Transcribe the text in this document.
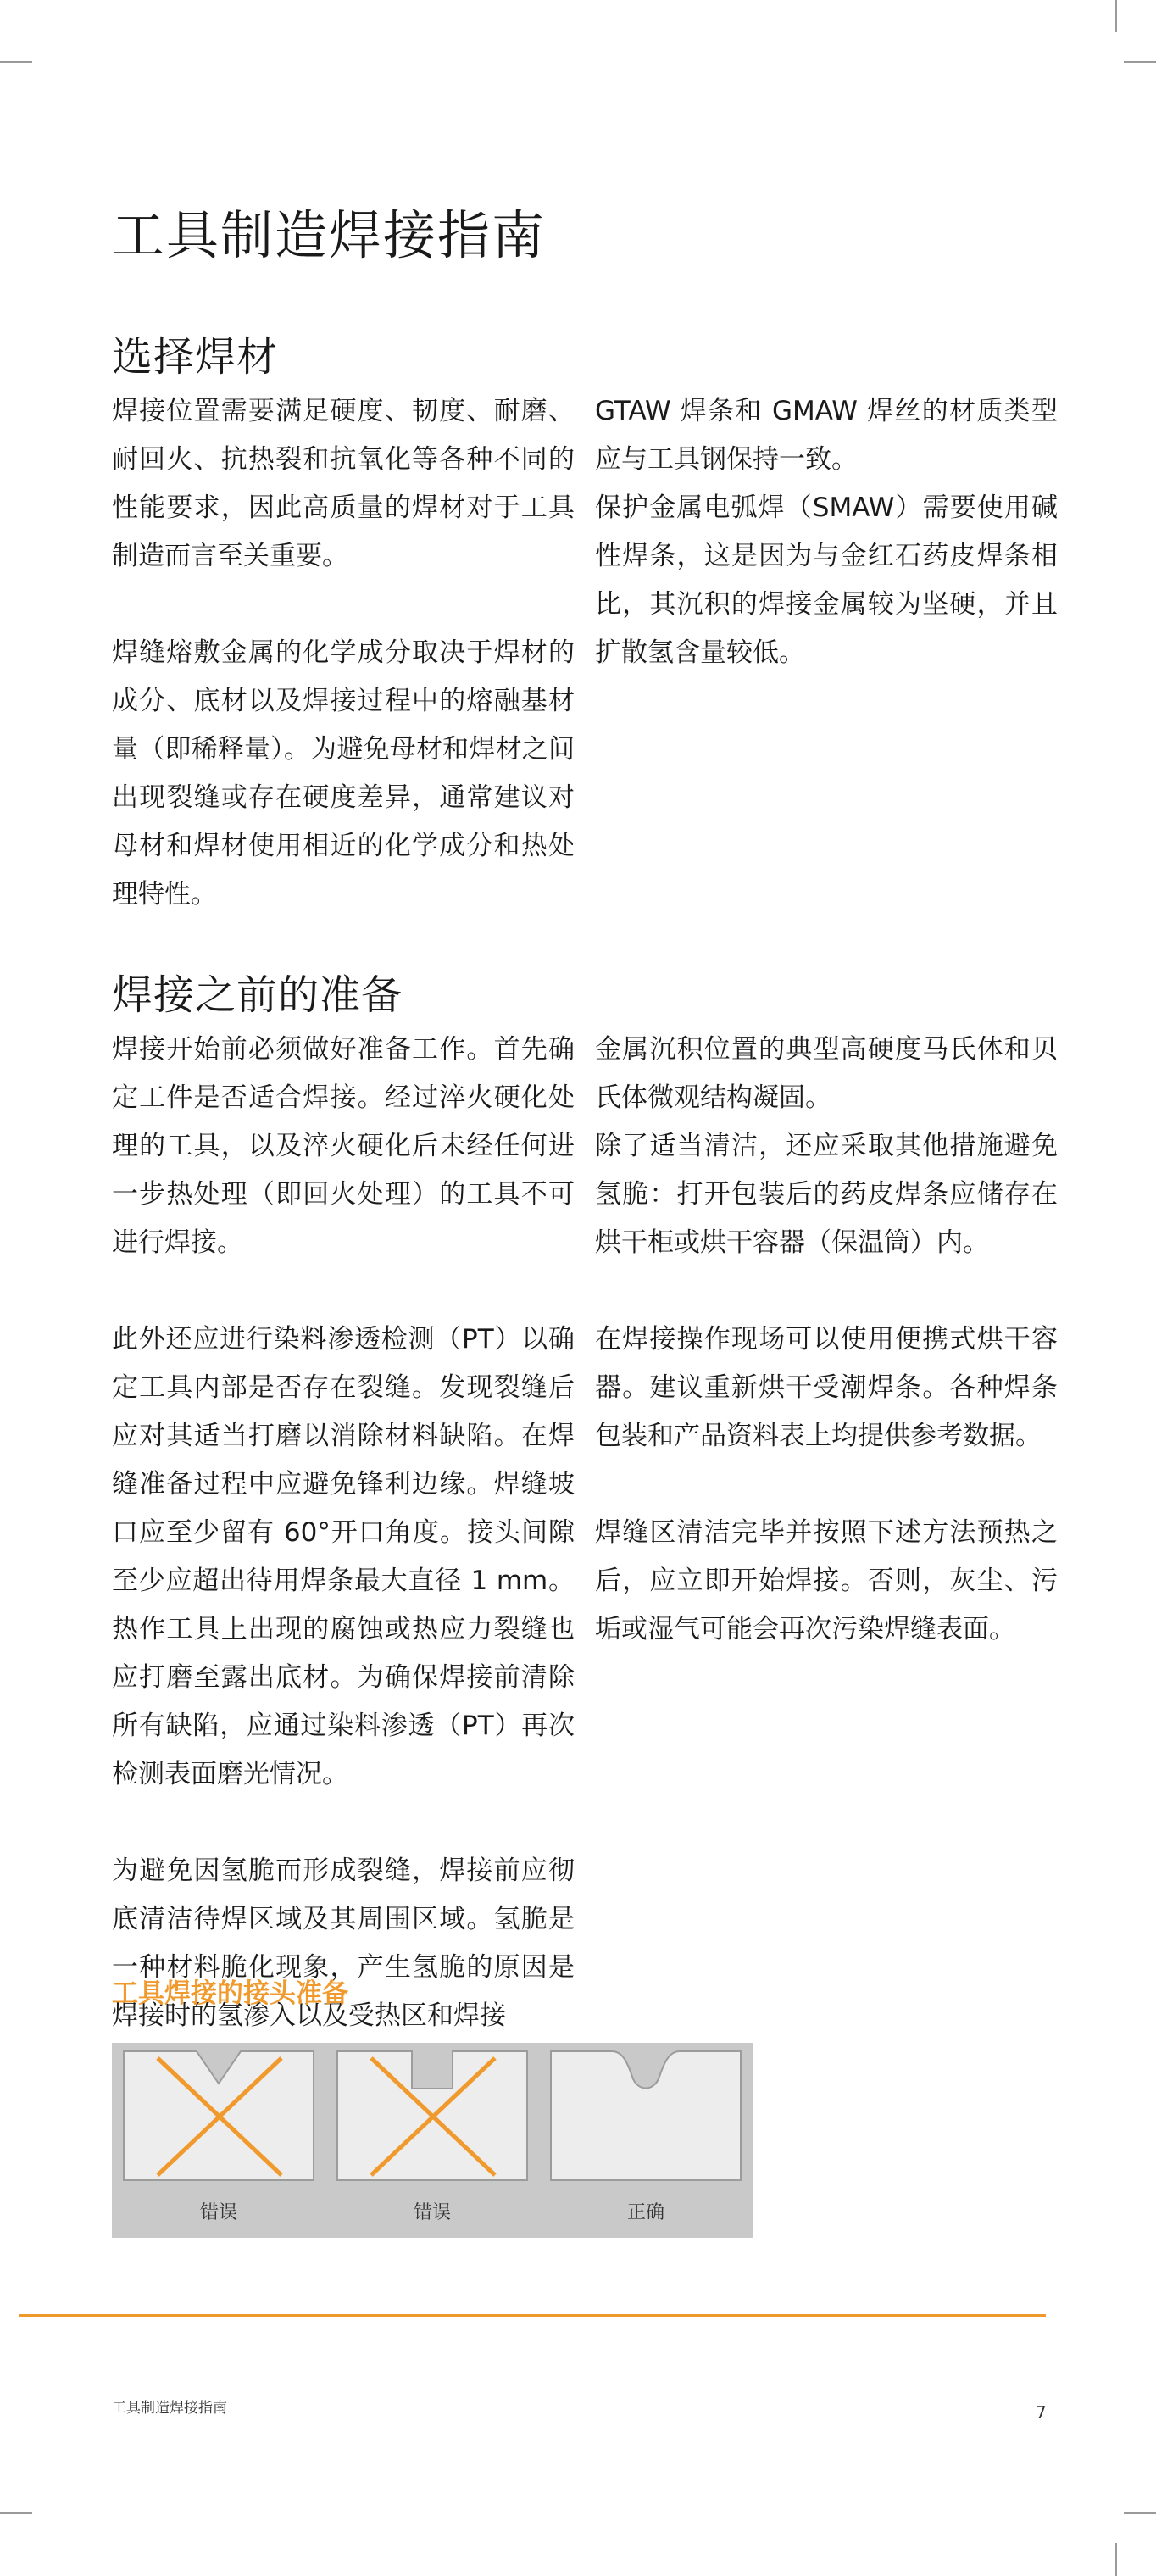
工具制造焊接指南
选择焊材

焊接位置需要满足硬度、韧度、耐磨、耐回火、抗热裂和抗氧化等各种不同的性能要求，因此高质量的焊材对于工具制造而言至关重要。

焊缝熔敷金属的化学成分取决于焊材的成分、底材以及焊接过程中的熔融基材量（即稀释量）。为避免母材和焊材之间出现裂缝或存在硬度差异，通常建议对母材和焊材使用相近的化学成分和热处理特性。

GTAW 焊条和 GMAW 焊丝的材质类型应与工具钢保持一致。

保护金属电弧焊（SMAW）需要使用碱性焊条，这是因为与金红石药皮焊条相比，其沉积的焊接金属较为坚硬，并且扩散氢含量较低。

焊接之前的准备

焊接开始前必须做好准备工作。首先确定工件是否适合焊接。经过淬火硬化处理的工具，以及淬火硬化后未经任何进一步热处理（即回火处理）的工具不可进行焊接。

此外还应进行染料渗透检测（PT）以确定工具内部是否存在裂缝。发现裂缝后应对其适当打磨以消除材料缺陷。在焊缝准备过程中应避免锋利边缘。焊缝坡口应至少留有 60°开口角度。接头间隙至少应超出待用焊条最大直径 1 mm。热作工具上出现的腐蚀或热应力裂缝也应打磨至露出底材。为确保焊接前清除所有缺陷，应通过染料渗透（PT）再次检测表面磨光情况。

为避免因氢脆而形成裂缝，焊接前应彻底清洁待焊区域及其周围区域。氢脆是一种材料脆化现象，产生氢脆的原因是焊接时的氢渗入以及受热区和焊接

金属沉积位置的典型高硬度马氏体和贝氏体微观结构凝固。

除了适当清洁，还应采取其他措施避免氢脆：打开包装后的药皮焊条应储存在烘干柜或烘干容器（保温筒）内。

在焊接操作现场可以使用便携式烘干容器。建议重新烘干受潮焊条。各种焊条包装和产品资料表上均提供参考数据。

焊缝区清洁完毕并按照下述方法预热之后，应立即开始焊接。否则，灰尘、污垢或湿气可能会再次污染焊缝表面。

工具焊接的接头准备

错误	错误	正确

工具制造焊接指南	7
